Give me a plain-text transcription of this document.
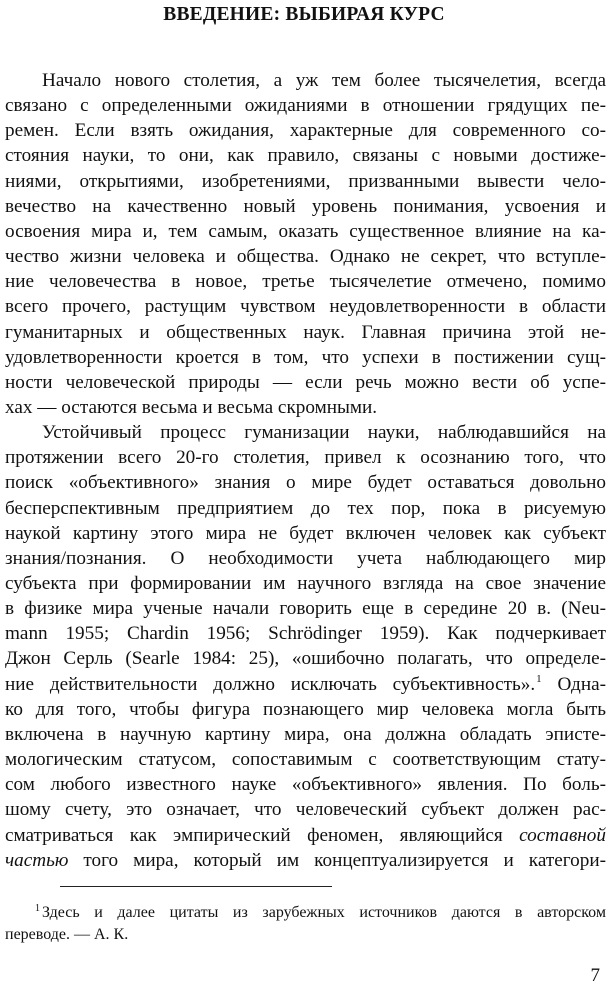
ВВЕДЕНИЕ: ВЫБИРАЯ КУРС
Начало нового столетия, а уж тем более тысячелетия, всегда
связано с определенными ожиданиями в отношении грядущих пе-
ремен. Если взять ожидания, характерные для современного со-
стояния науки, то они, как правило, связаны с новыми достиже-
ниями, открытиями, изобретениями, призванными вывести чело-
вечество на качественно новый уровень понимания, усвоения и
освоения мира и, тем самым, оказать существенное влияние на ка-
чество жизни человека и общества. Однако не секрет, что вступле-
ние человечества в новое, третье тысячелетие отмечено, помимо
всего прочего, растущим чувством неудовлетворенности в области
гуманитарных и общественных наук. Главная причина этой не-
удовлетворенности кроется в том, что успехи в постижении сущ-
ности человеческой природы — если речь можно вести об успе-
хах — остаются весьма и весьма скромными.
Устойчивый процесс гуманизации науки, наблюдавшийся на
протяжении всего 20-го столетия, привел к осознанию того, что
поиск «объективного» знания о мире будет оставаться довольно
бесперспективным предприятием до тех пор, пока в рисуемую
наукой картину этого мира не будет включен человек как субъект
знания/познания. О необходимости учета наблюдающего мир
субъекта при формировании им научного взгляда на свое значение
в физике мира ученые начали говорить еще в середине 20 в. (Neu-
mann 1955; Chardin 1956; Schrödinger 1959). Как подчеркивает
Джон Серль (Searle 1984: 25), «ошибочно полагать, что определе-
ние действительности должно исключать субъективность».$^1$ Одна-
ко для того, чтобы фигура познающего мир человека могла быть
включена в научную картину мира, она должна обладать эписте-
мологическим статусом, сопоставимым с соответствующим стату-
сом любого известного науке «объективного» явления. По боль-
шому счету, это означает, что человеческий субъект должен рас-
сматриваться как эмпирический феномен, являющийся составной
частью того мира, который им концептуализируется и категори-
$^1$ Здесь и далее цитаты из зарубежных источников даются в авторском
переводе. — А. К.
7
